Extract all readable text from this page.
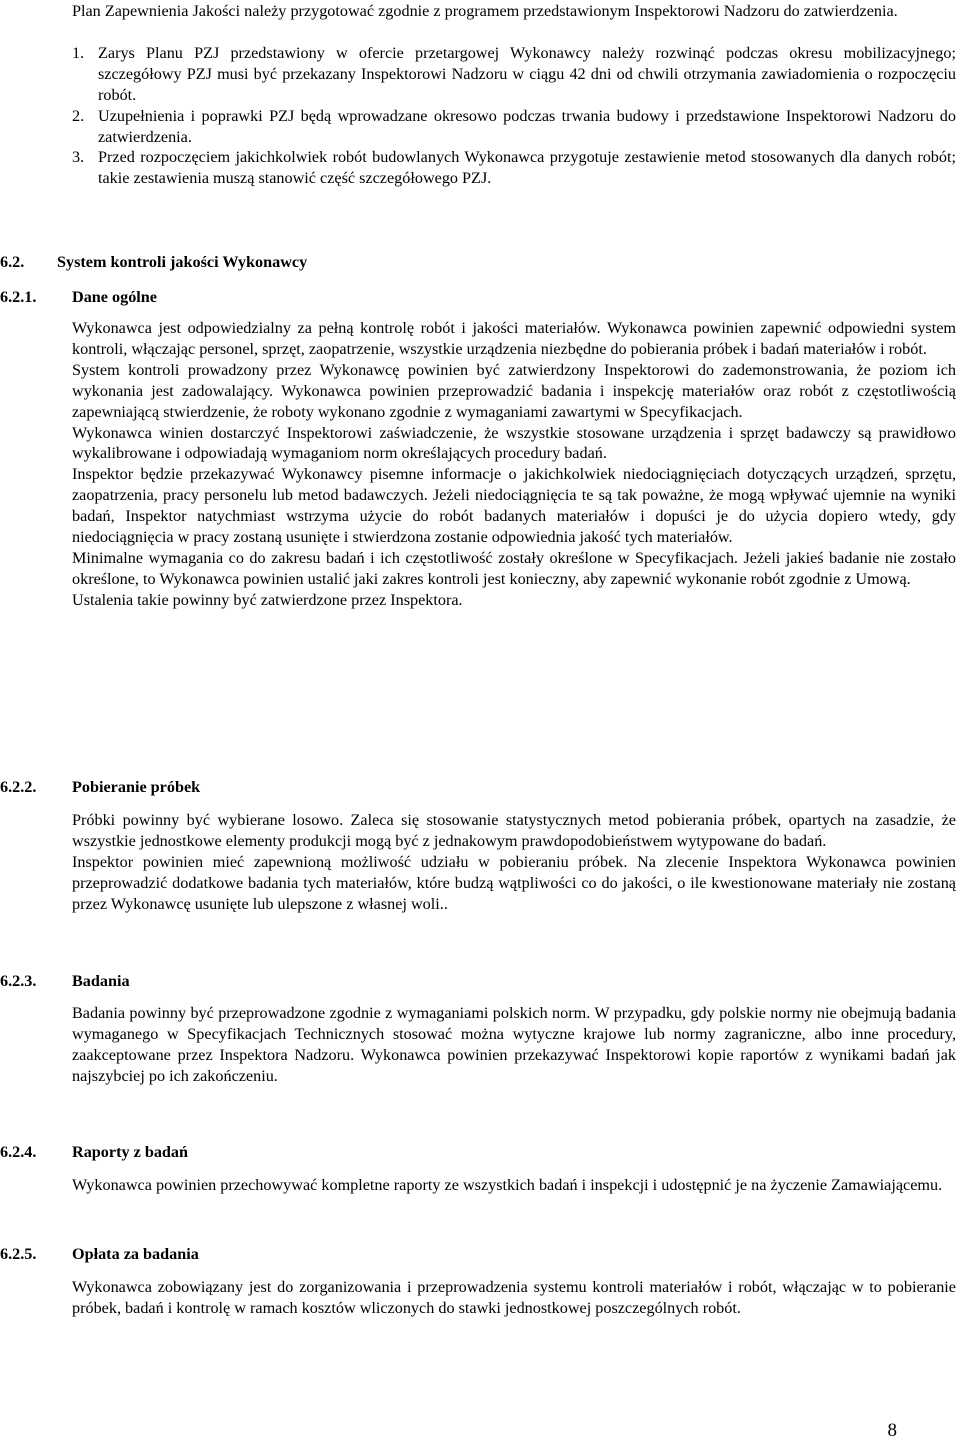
Plan Zapewnienia Jakości należy przygotować zgodnie z programem przedstawionym Inspektorowi Nadzoru do zatwierdzenia.

1. Zarys Planu PZJ przedstawiony w ofercie przetargowej Wykonawcy należy rozwinąć podczas okresu mobilizacyjnego; szczegółowy PZJ musi być przekazany Inspektorowi Nadzoru w ciągu 42 dni od chwili otrzymania zawiadomienia o rozpoczęciu robót.
2. Uzupełnienia i poprawki PZJ będą wprowadzane okresowo podczas trwania budowy i przedstawione Inspektorowi Nadzoru do zatwierdzenia.
3. Przed rozpoczęciem jakichkolwiek robót budowlanych Wykonawca przygotuje zestawienie metod stosowanych dla danych robót; takie zestawienia muszą stanowić część szczegółowego PZJ.
6.2. System kontroli jakości Wykonawcy
6.2.1. Dane ogólne

Wykonawca jest odpowiedzialny za pełną kontrolę robót i jakości materiałów. Wykonawca powinien zapewnić odpowiedni system kontroli, włączając personel, sprzęt, zaopatrzenie, wszystkie urządzenia niezbędne do pobierania próbek i badań materiałów i robót.

System kontroli prowadzony przez Wykonawcę powinien być zatwierdzony Inspektorowi do zademonstrowania, że poziom ich wykonania jest zadowalający. Wykonawca powinien przeprowadzić badania i inspekcję materiałów oraz robót z częstotliwością zapewniającą stwierdzenie, że roboty wykonano zgodnie z wymaganiami zawartymi w Specyfikacjach.

Wykonawca winien dostarczyć Inspektorowi zaświadczenie, że wszystkie stosowane urządzenia i sprzęt badawczy są prawidłowo wykalibrowane i odpowiadają wymaganiom norm określających procedury badań.

Inspektor będzie przekazywać Wykonawcy pisemne informacje o jakichkolwiek niedociągnięciach dotyczących urządzeń, sprzętu, zaopatrzenia, pracy personelu lub metod badawczych. Jeżeli niedociągnięcia te są tak poważne, że mogą wpływać ujemnie na wyniki badań, Inspektor natychmiast wstrzyma użycie do robót badanych materiałów i dopuści je do użycia dopiero wtedy, gdy niedociągnięcia w pracy zostaną usunięte i stwierdzona zostanie odpowiednia jakość tych materiałów.

Minimalne wymagania co do zakresu badań i ich częstotliwość zostały określone w Specyfikacjach. Jeżeli jakieś badanie nie zostało określone, to Wykonawca powinien ustalić jaki zakres kontroli jest konieczny, aby zapewnić wykonanie robót zgodnie z Umową.

Ustalenia takie powinny być zatwierdzone przez Inspektora.

6.2.2. Pobieranie próbek

Próbki powinny być wybierane losowo. Zaleca się stosowanie statystycznych metod pobierania próbek, opartych na zasadzie, że wszystkie jednostkowe elementy produkcji mogą być z jednakowym prawdopodobieństwem wytypowane do badań.

Inspektor powinien mieć zapewnioną możliwość udziału w pobieraniu próbek. Na zlecenie Inspektora Wykonawca powinien przeprowadzić dodatkowe badania tych materiałów, które budzą wątpliwości co do jakości, o ile kwestionowane materiały nie zostaną przez Wykonawcę usunięte lub ulepszone z własnej woli..

6.2.3. Badania

Badania powinny być przeprowadzone zgodnie z wymaganiami polskich norm. W przypadku, gdy polskie normy nie obejmują badania wymaganego w Specyfikacjach Technicznych stosować można wytyczne krajowe lub normy zagraniczne, albo inne procedury, zaakceptowane przez Inspektora Nadzoru. Wykonawca powinien przekazywać Inspektorowi kopie raportów z wynikami badań jak najszybciej po ich zakończeniu.

6.2.4. Raporty z badań

Wykonawca powinien przechowywać kompletne raporty ze wszystkich badań i inspekcji i udostępnić je na życzenie Zamawiającemu.

6.2.5. Opłata za badania

Wykonawca zobowiązany jest do zorganizowania i przeprowadzenia systemu kontroli materiałów i robót, włączając w to pobieranie próbek, badań i kontrolę w ramach kosztów wliczonych do stawki jednostkowej poszczególnych robót.

8
